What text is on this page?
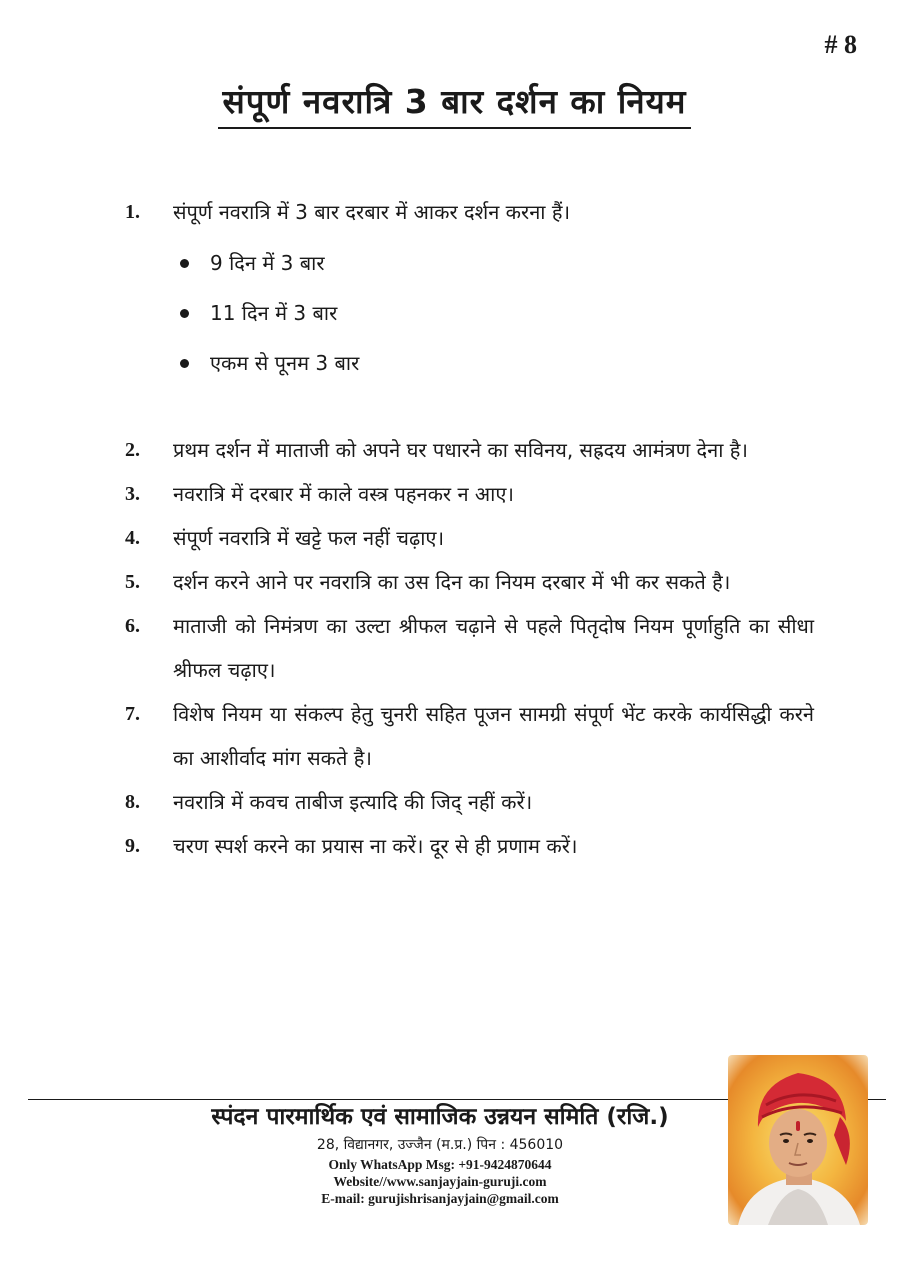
# 8
संपूर्ण नवरात्रि 3 बार दर्शन का नियम
1. संपूर्ण नवरात्रि में 3 बार दरबार में आकर दर्शन करना हैं।
9 दिन में 3 बार
11 दिन में 3 बार
एकम से पूनम 3 बार
2. प्रथम दर्शन में माताजी को अपने घर पधारने का सविनय, सह्रदय आमंत्रण देना है।
3. नवरात्रि में दरबार में काले वस्त्र पहनकर न आए।
4. संपूर्ण नवरात्रि में खट्टे फल नहीं चढ़ाए।
5. दर्शन करने आने पर नवरात्रि का उस दिन का नियम दरबार में भी कर सकते है।
6. माताजी को निमंत्रण का उल्टा श्रीफल चढ़ाने से पहले पितृदोष नियम पूर्णाहुति का सीधा श्रीफल चढ़ाए।
7. विशेष नियम या संकल्प हेतु चुनरी सहित पूजन सामग्री संपूर्ण भेंट करके कार्यसिद्धी करने का आशीर्वाद मांग सकते है।
8. नवरात्रि में कवच ताबीज इत्यादि की जिद् नहीं करें।
9. चरण स्पर्श करने का प्रयास ना करें। दूर से ही प्रणाम करें।
स्पंदन पारमार्थिक एवं सामाजिक उन्नयन समिति (रजि.)
28, विद्यानगर, उज्जैन (म.प्र.) पिन : 456010
Only WhatsApp Msg: +91-9424870644
Website//www.sanjayjain-guruji.com
E-mail: gurujishrisanjayjain@gmail.com
